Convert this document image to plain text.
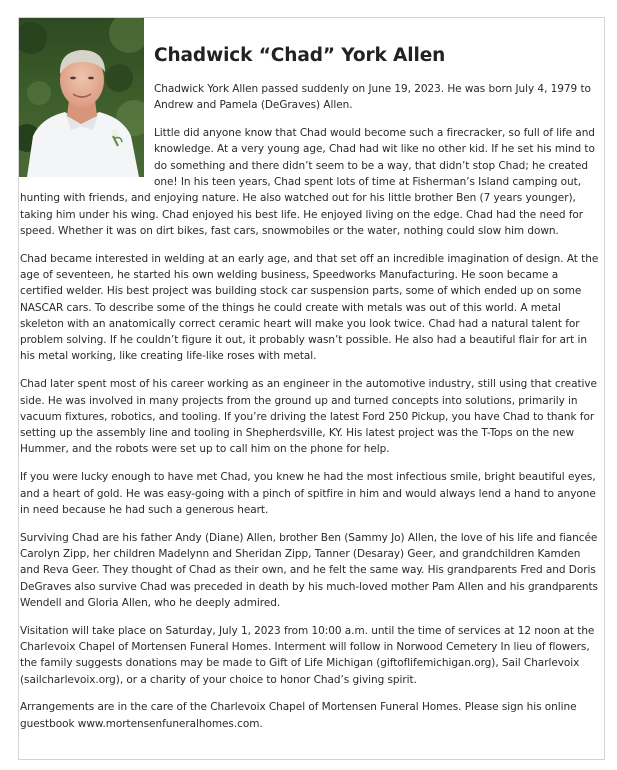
Chadwick “Chad” York Allen

Chadwick York Allen passed suddenly on June 19, 2023. He was born July 4, 1979 to Andrew and Pamela (DeGraves) Allen.

Little did anyone know that Chad would become such a firecracker, so full of life and knowledge. At a very young age, Chad had wit like no other kid. If he set his mind to do something and there didn’t seem to be a way, that didn’t stop Chad; he created one! In his teen years, Chad spent lots of time at Fisherman’s Island camping out, hunting with friends, and enjoying nature. He also watched out for his little brother Ben (7 years younger), taking him under his wing. Chad enjoyed his best life. He enjoyed living on the edge. Chad had the need for speed. Whether it was on dirt bikes, fast cars, snowmobiles or the water, nothing could slow him down.

Chad became interested in welding at an early age, and that set off an incredible imagination of design. At the age of seventeen, he started his own welding business, Speedworks Manufacturing. He soon became a certified welder. His best project was building stock car suspension parts, some of which ended up on some NASCAR cars. To describe some of the things he could create with metals was out of this world. A metal skeleton with an anatomically correct ceramic heart will make you look twice. Chad had a natural talent for problem solving. If he couldn’t figure it out, it probably wasn’t possible. He also had a beautiful flair for art in his metal working, like creating life-like roses with metal.

Chad later spent most of his career working as an engineer in the automotive industry, still using that creative side. He was involved in many projects from the ground up and turned concepts into solutions, primarily in vacuum fixtures, robotics, and tooling. If you’re driving the latest Ford 250 Pickup, you have Chad to thank for setting up the assembly line and tooling in Shepherdsville, KY. His latest project was the T-Tops on the new Hummer, and the robots were set up to call him on the phone for help.

If you were lucky enough to have met Chad, you knew he had the most infectious smile, bright beautiful eyes, and a heart of gold. He was easy-going with a pinch of spitfire in him and would always lend a hand to anyone in need because he had such a generous heart.

Surviving Chad are his father Andy (Diane) Allen, brother Ben (Sammy Jo) Allen, the love of his life and fiancée Carolyn Zipp, her children Madelynn and Sheridan Zipp, Tanner (Desaray) Geer, and grandchildren Kamden and Reva Geer. They thought of Chad as their own, and he felt the same way. His grandparents Fred and Doris DeGraves also survive Chad was preceded in death by his much-loved mother Pam Allen and his grandparents Wendell and Gloria Allen, who he deeply admired.

Visitation will take place on Saturday, July 1, 2023 from 10:00 a.m. until the time of services at 12 noon at the Charlevoix Chapel of Mortensen Funeral Homes. Interment will follow in Norwood Cemetery In lieu of flowers, the family suggests donations may be made to Gift of Life Michigan (giftoflifemichigan.org), Sail Charlevoix (sailcharlevoix.org), or a charity of your choice to honor Chad’s giving spirit.

Arrangements are in the care of the Charlevoix Chapel of Mortensen Funeral Homes. Please sign his online guestbook www.mortensenfuneralhomes.com.
